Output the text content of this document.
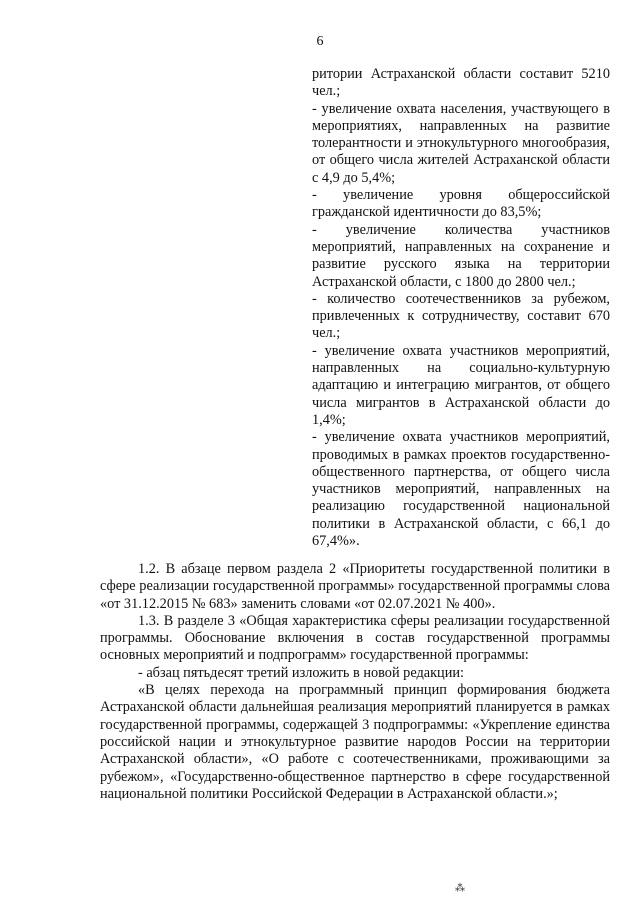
6

ритории Астраханской области составит 5210 чел.;

- увеличение охвата населения, участвующего в мероприятиях, направленных на развитие толерантности и этнокультурного многообразия, от общего числа жителей Астраханской области с 4,9 до 5,4%;

- увеличение уровня общероссийской гражданской идентичности до 83,5%;

- увеличение количества участников мероприятий, направленных на сохранение и развитие русского языка на территории Астраханской области, с 1800 до 2800 чел.;

- количество соотечественников за рубежом, привлеченных к сотрудничеству, составит 670 чел.;

- увеличение охвата участников мероприятий, направленных на социально-культурную адаптацию и интеграцию мигрантов, от общего числа мигрантов в Астраханской области до 1,4%;

- увеличение охвата участников мероприятий, проводимых в рамках проектов государственно-общественного партнерства, от общего числа участников мероприятий, направленных на реализацию государственной национальной политики в Астраханской области, с 66,1 до 67,4%».

1.2. В абзаце первом раздела 2 «Приоритеты государственной политики в сфере реализации государственной программы» государственной программы слова «от 31.12.2015 № 683» заменить словами «от 02.07.2021 № 400».

1.3. В разделе 3 «Общая характеристика сферы реализации государственной программы. Обоснование включения в состав государственной программы основных мероприятий и подпрограмм» государственной программы:

- абзац пятьдесят третий изложить в новой редакции:

«В целях перехода на программный принцип формирования бюджета Астраханской области дальнейшая реализация мероприятий планируется в рамках государственной программы, содержащей 3 подпрограммы: «Укрепление единства российской нации и этнокультурное развитие народов России на территории Астраханской области», «О работе с соотечественниками, проживающими за рубежом», «Государственно-общественное партнерство в сфере государственной национальной политики Российской Федерации в Астраханской области.»;

⁂
